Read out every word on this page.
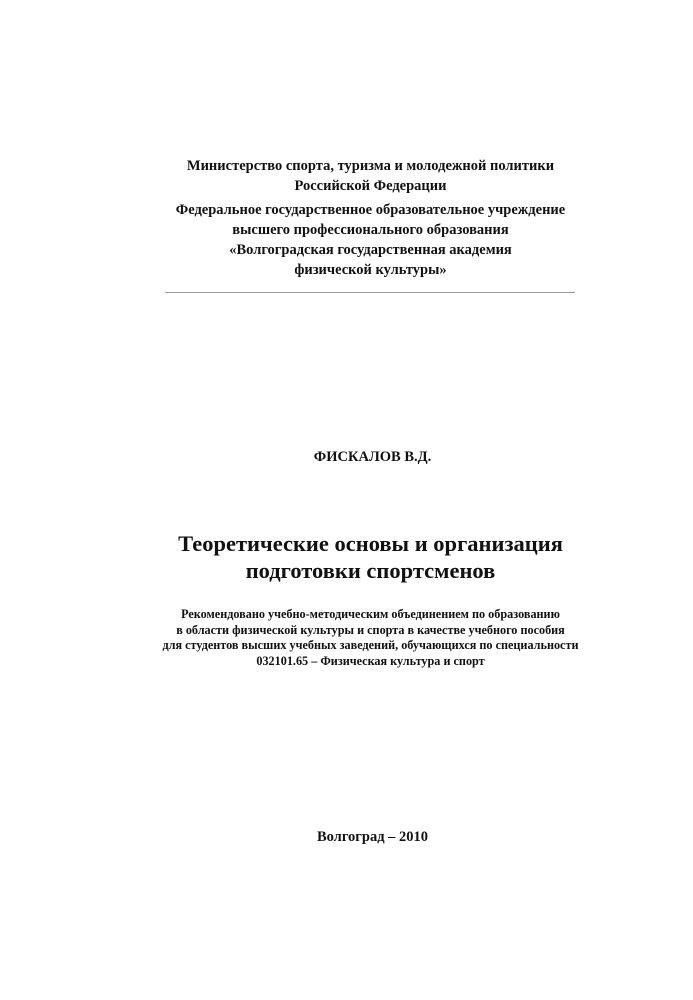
Министерство спорта, туризма и молодежной политики
Российской Федерации
Федеральное государственное образовательное учреждение
высшего профессионального образования
«Волгоградская государственная академия
физической культуры»
ФИСКАЛОВ В.Д.
Теоретические основы и организация
подготовки спортсменов
Рекомендовано учебно-методическим объединением по образованию
в области физической культуры и спорта в качестве учебного пособия
для студентов высших учебных заведений, обучающихся по специальности
032101.65 – Физическая культура и спорт
Волгоград – 2010
